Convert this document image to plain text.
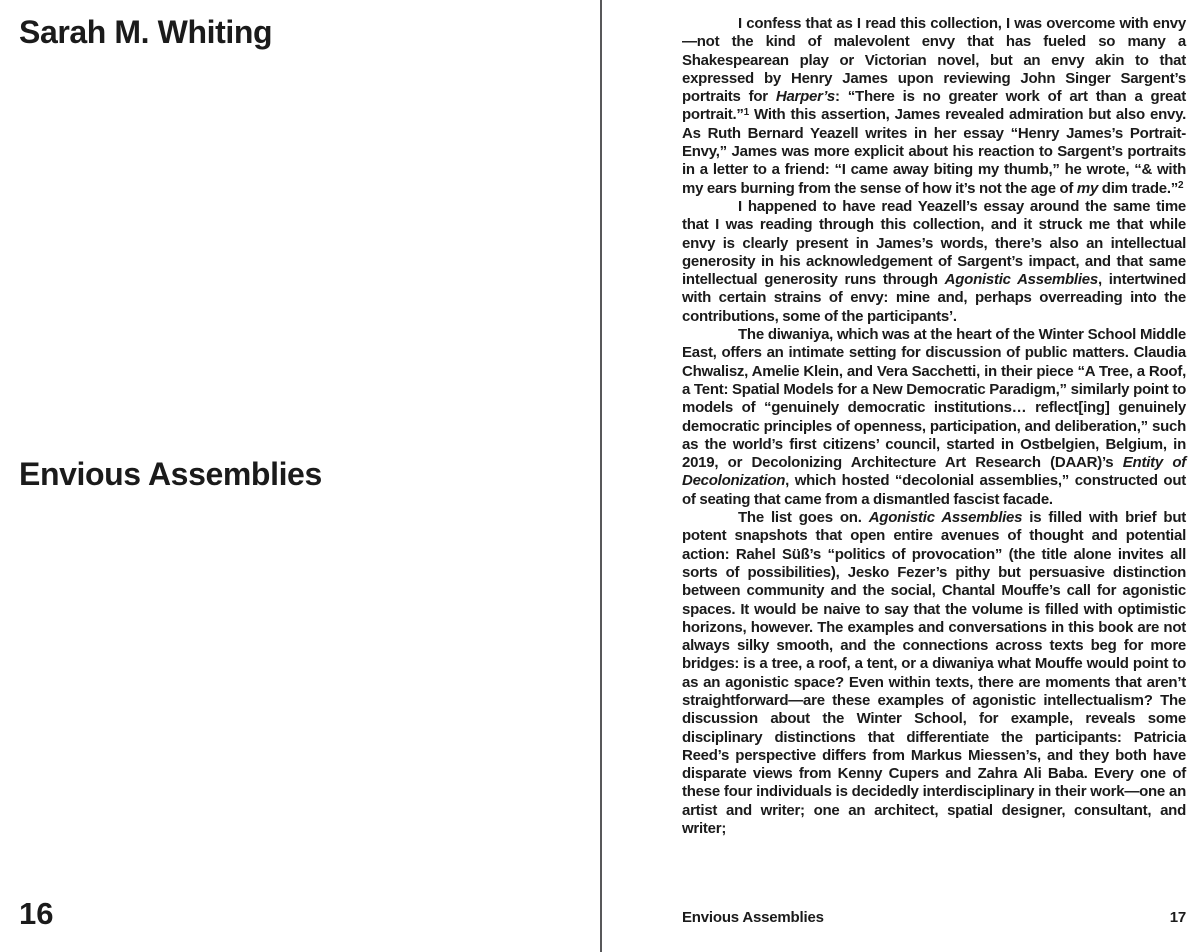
Sarah M. Whiting
Envious Assemblies
16

I confess that as I read this collection, I was overcome with envy—not the kind of malevolent envy that has fueled so many a Shakespearean play or Victorian novel, but an envy akin to that expressed by Henry James upon reviewing John Singer Sargent’s portraits for Harper’s: “There is no greater work of art than a great portrait.”$^1$ With this assertion, James revealed admiration but also envy. As Ruth Bernard Yeazell writes in her essay “Henry James’s Portrait-Envy,” James was more explicit about his reaction to Sargent’s portraits in a letter to a friend: “I came away biting my thumb,” he wrote, “& with my ears burning from the sense of how it’s not the age of my dim trade.”$^2$

I happened to have read Yeazell’s essay around the same time that I was reading through this collection, and it struck me that while envy is clearly present in James’s words, there’s also an intellectual generosity in his acknowledgement of Sargent’s impact, and that same intellectual generosity runs through Agonistic Assemblies, intertwined with certain strains of envy: mine and, perhaps overreading into the contributions, some of the participants’.

The diwaniya, which was at the heart of the Winter School Middle East, offers an intimate setting for discussion of public matters. Claudia Chwalisz, Amelie Klein, and Vera Sacchetti, in their piece “A Tree, a Roof, a Tent: Spatial Models for a New Democratic Paradigm,” similarly point to models of “genuinely democratic institutions… reflect[ing] genuinely democratic principles of openness, participation, and deliberation,” such as the world’s first citizens’ council, started in Ostbelgien, Belgium, in 2019, or Decolonizing Architecture Art Research (DAAR)’s Entity of Decolonization, which hosted “decolonial assemblies,” constructed out of seating that came from a dismantled fascist facade.

The list goes on. Agonistic Assemblies is filled with brief but potent snapshots that open entire avenues of thought and potential action: Rahel Süß’s “politics of provocation” (the title alone invites all sorts of possibilities), Jesko Fezer’s pithy but persuasive distinction between community and the social, Chantal Mouffe’s call for agonistic spaces. It would be naive to say that the volume is filled with optimistic horizons, however. The examples and conversations in this book are not always silky smooth, and the connections across texts beg for more bridges: is a tree, a roof, a tent, or a diwaniya what Mouffe would point to as an agonistic space? Even within texts, there are moments that aren’t straightforward—are these examples of agonistic intellectualism? The discussion about the Winter School, for example, reveals some disciplinary distinctions that differentiate the participants: Patricia Reed’s perspective differs from Markus Miessen’s, and they both have disparate views from Kenny Cupers and Zahra Ali Baba. Every one of these four individuals is decidedly interdisciplinary in their work—one an artist and writer; one an architect, spatial designer, consultant, and writer;

Envious Assemblies	17
